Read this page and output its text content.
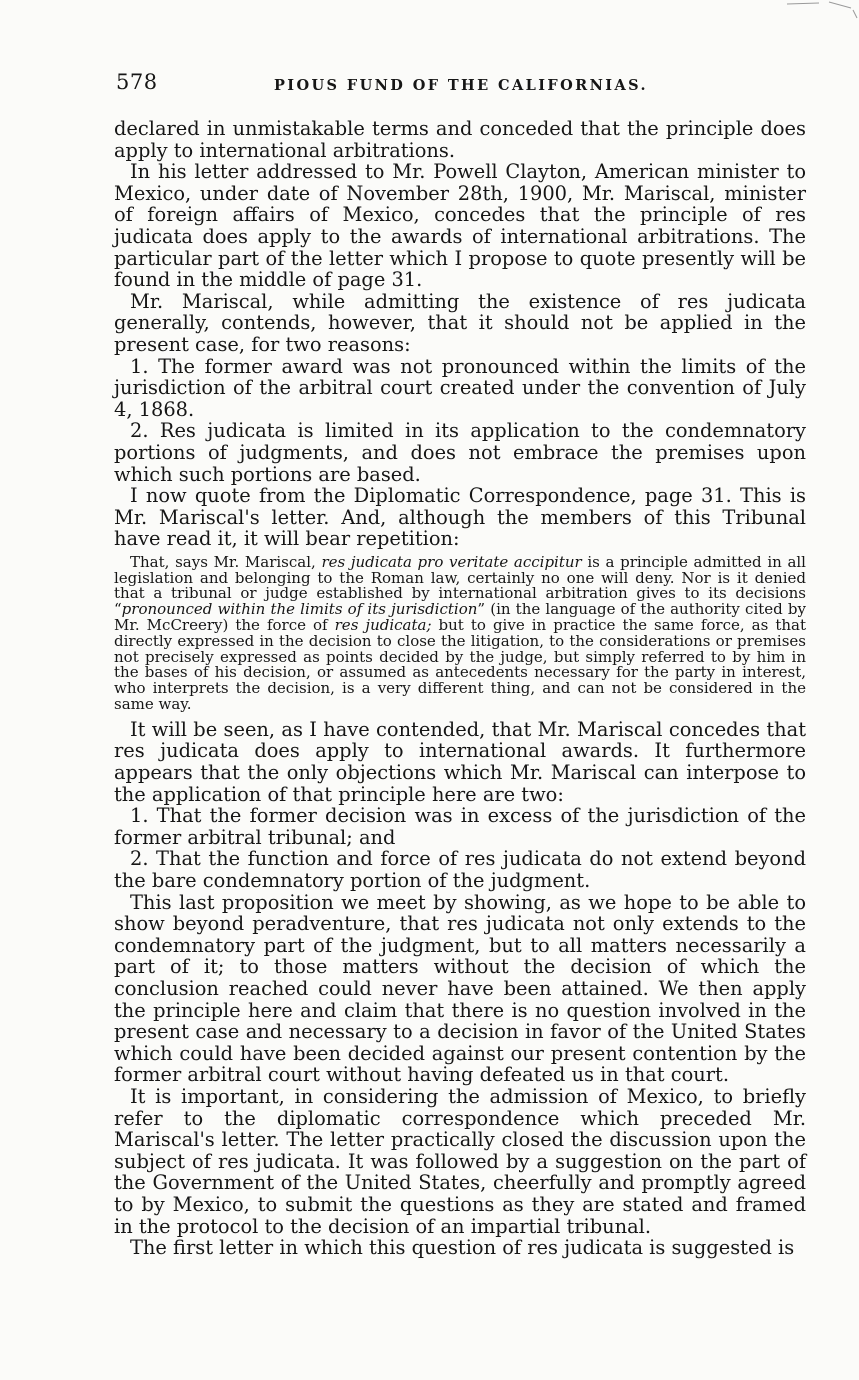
578	PIOUS FUND OF THE CALIFORNIAS.

declared in unmistakable terms and conceded that the principle does apply to international arbitrations.

In his letter addressed to Mr. Powell Clayton, American minister to Mexico, under date of November 28th, 1900, Mr. Mariscal, minister of foreign affairs of Mexico, concedes that the principle of res judicata does apply to the awards of international arbitrations. The particular part of the letter which I propose to quote presently will be found in the middle of page 31.

Mr. Mariscal, while admitting the existence of res judicata generally, contends, however, that it should not be applied in the present case, for two reasons:

1. The former award was not pronounced within the limits of the jurisdiction of the arbitral court created under the convention of July 4, 1868.

2. Res judicata is limited in its application to the condemnatory portions of judgments, and does not embrace the premises upon which such portions are based.

I now quote from the Diplomatic Correspondence, page 31. This is Mr. Mariscal's letter. And, although the members of this Tribunal have read it, it will bear repetition:

That, says Mr. Mariscal, res judicata pro veritate accipitur is a principle admitted in all legislation and belonging to the Roman law, certainly no one will deny. Nor is it denied that a tribunal or judge established by international arbitration gives to its decisions “pronounced within the limits of its jurisdiction” (in the language of the authority cited by Mr. McCreery) the force of res judicata; but to give in practice the same force, as that directly expressed in the decision to close the litigation, to the considerations or premises not precisely expressed as points decided by the judge, but simply referred to by him in the bases of his decision, or assumed as antecedents necessary for the party in interest, who interprets the decision, is a very different thing, and can not be considered in the same way.

It will be seen, as I have contended, that Mr. Mariscal concedes that res judicata does apply to international awards. It furthermore appears that the only objections which Mr. Mariscal can interpose to the application of that principle here are two:

1. That the former decision was in excess of the jurisdiction of the former arbitral tribunal; and

2. That the function and force of res judicata do not extend beyond the bare condemnatory portion of the judgment.

This last proposition we meet by showing, as we hope to be able to show beyond peradventure, that res judicata not only extends to the condemnatory part of the judgment, but to all matters necessarily a part of it; to those matters without the decision of which the conclusion reached could never have been attained. We then apply the principle here and claim that there is no question involved in the present case and necessary to a decision in favor of the United States which could have been decided against our present contention by the former arbitral court without having defeated us in that court.

It is important, in considering the admission of Mexico, to briefly refer to the diplomatic correspondence which preceded Mr. Mariscal's letter. The letter practically closed the discussion upon the subject of res judicata. It was followed by a suggestion on the part of the Government of the United States, cheerfully and promptly agreed to by Mexico, to submit the questions as they are stated and framed in the protocol to the decision of an impartial tribunal.

The first letter in which this question of res judicata is suggested is
